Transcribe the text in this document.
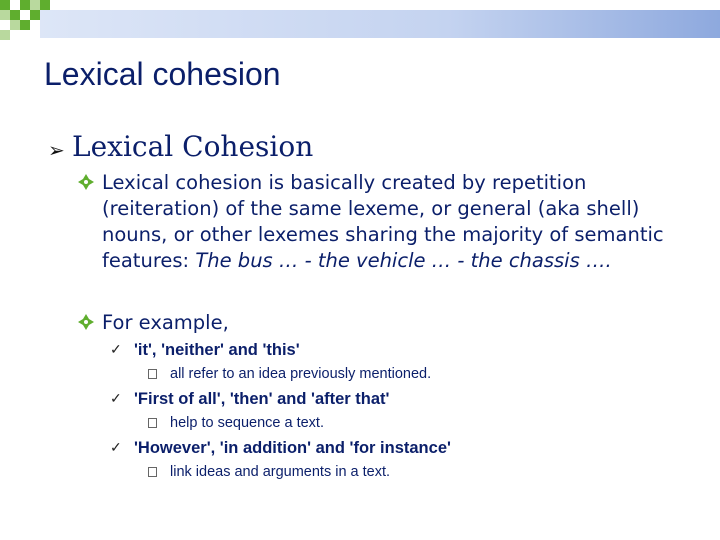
Lexical cohesion
➢ Lexical Cohesion
Lexical cohesion is basically created by repetition (reiteration) of the same lexeme, or general (aka shell) nouns, or other lexemes sharing the majority of semantic features: The bus … - the vehicle … - the chassis ….
For example,
✓ 'it', 'neither' and 'this'
all refer to an idea previously mentioned.
✓ 'First of all', 'then' and 'after that'
help to sequence a text.
✓ 'However', 'in addition' and 'for instance'
link ideas and arguments in a text.
